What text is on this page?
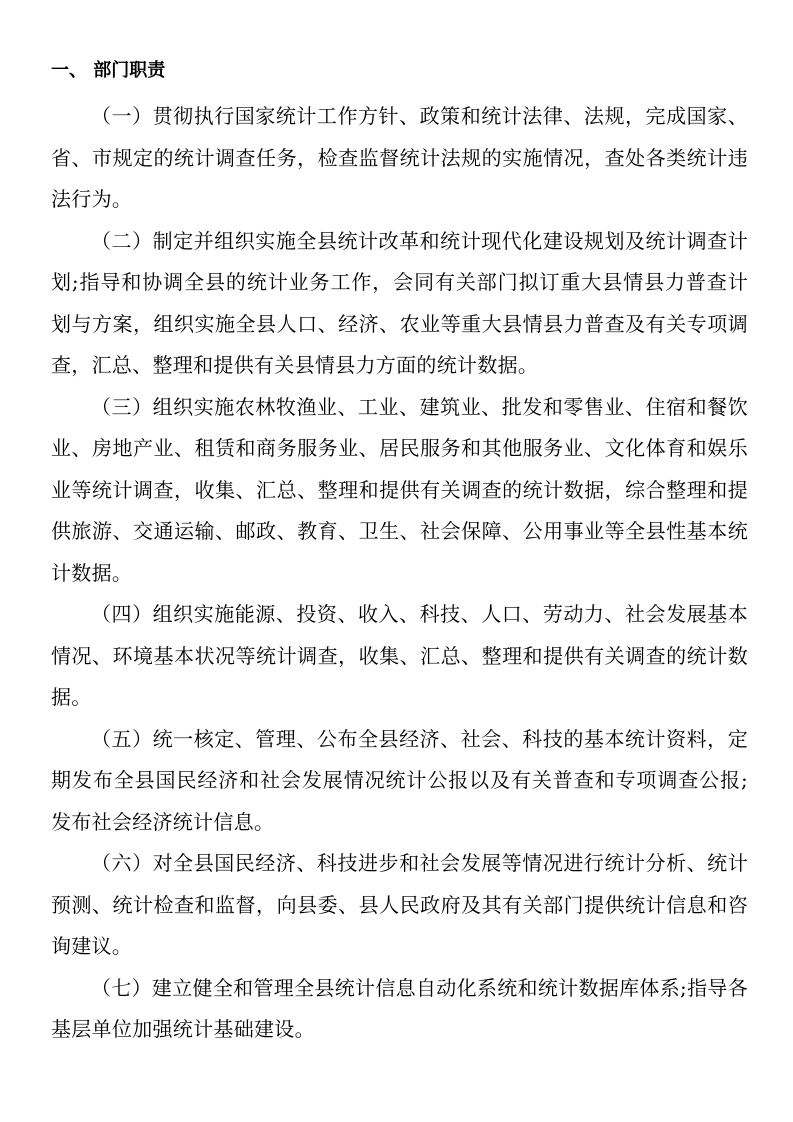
一、 部门职责

（一）贯彻执行国家统计工作方针、政策和统计法律、法规，完成国家、省、市规定的统计调查任务，检查监督统计法规的实施情况，查处各类统计违法行为。

（二）制定并组织实施全县统计改革和统计现代化建设规划及统计调查计划;指导和协调全县的统计业务工作，会同有关部门拟订重大县情县力普查计划与方案，组织实施全县人口、经济、农业等重大县情县力普查及有关专项调查，汇总、整理和提供有关县情县力方面的统计数据。

（三）组织实施农林牧渔业、工业、建筑业、批发和零售业、住宿和餐饮业、房地产业、租赁和商务服务业、居民服务和其他服务业、文化体育和娱乐业等统计调查，收集、汇总、整理和提供有关调查的统计数据，综合整理和提供旅游、交通运输、邮政、教育、卫生、社会保障、公用事业等全县性基本统计数据。

（四）组织实施能源、投资、收入、科技、人口、劳动力、社会发展基本情况、环境基本状况等统计调查，收集、汇总、整理和提供有关调查的统计数据。

（五）统一核定、管理、公布全县经济、社会、科技的基本统计资料，定期发布全县国民经济和社会发展情况统计公报以及有关普查和专项调查公报;发布社会经济统计信息。

（六）对全县国民经济、科技进步和社会发展等情况进行统计分析、统计预测、统计检查和监督，向县委、县人民政府及其有关部门提供统计信息和咨询建议。

（七）建立健全和管理全县统计信息自动化系统和统计数据库体系;指导各基层单位加强统计基础建设。
